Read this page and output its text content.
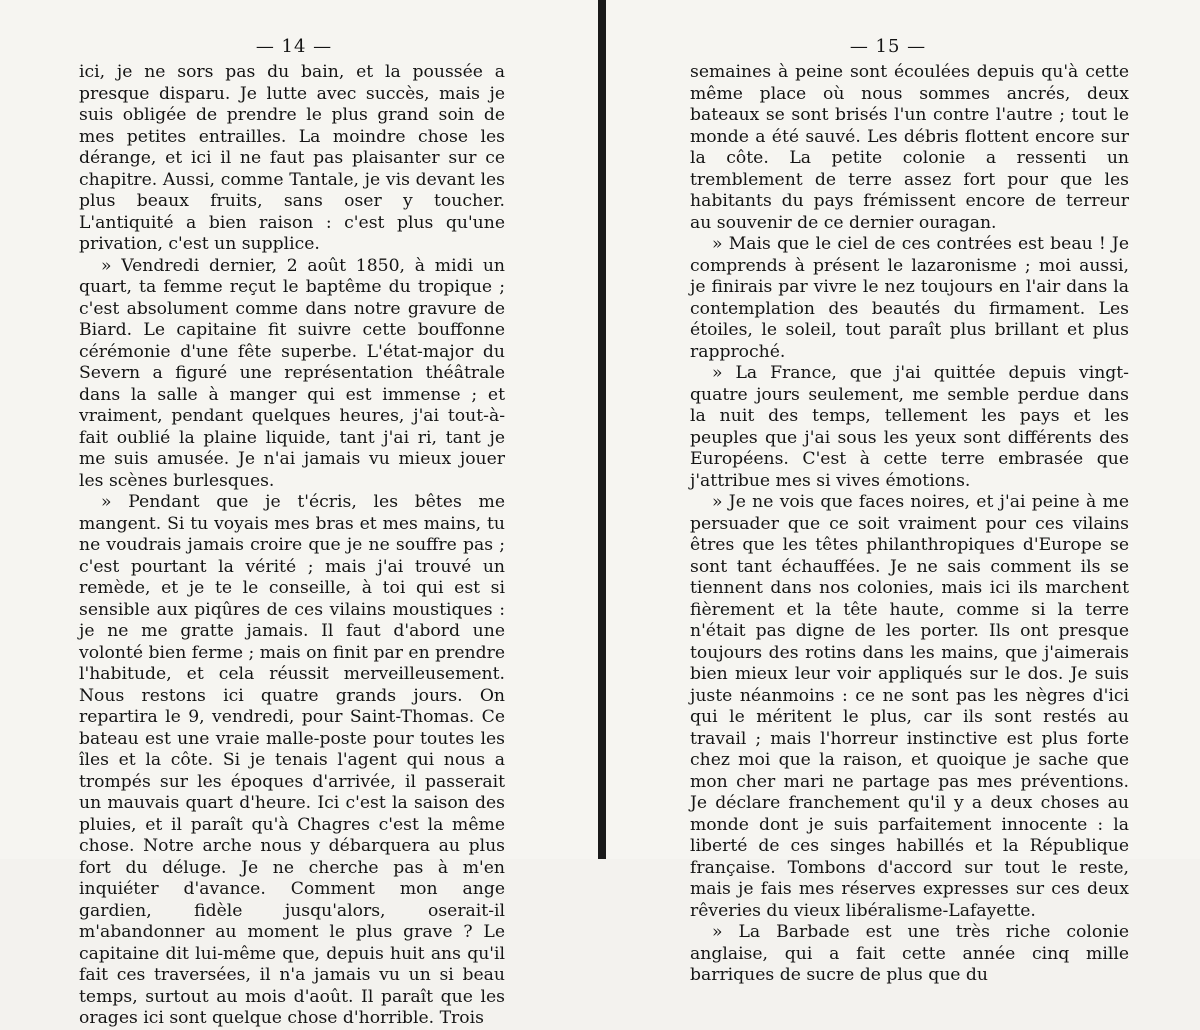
— 14 —

ici, je ne sors pas du bain, et la poussée a presque disparu. Je lutte avec succès, mais je suis obligée de prendre le plus grand soin de mes petites entrailles. La moindre chose les dérange, et ici il ne faut pas plaisanter sur ce chapitre. Aussi, comme Tantale, je vis devant les plus beaux fruits, sans oser y toucher. L'antiquité a bien raison : c'est plus qu'une privation, c'est un supplice.

» Vendredi dernier, 2 août 1850, à midi un quart, ta femme reçut le baptême du tropique ; c'est absolument comme dans notre gravure de Biard. Le capitaine fit suivre cette bouffonne cérémonie d'une fête superbe. L'état-major du Severn a figuré une représentation théâtrale dans la salle à manger qui est immense ; et vraiment, pendant quelques heures, j'ai tout-à-fait oublié la plaine liquide, tant j'ai ri, tant je me suis amusée. Je n'ai jamais vu mieux jouer les scènes burlesques.

» Pendant que je t'écris, les bêtes me mangent. Si tu voyais mes bras et mes mains, tu ne voudrais jamais croire que je ne souffre pas ; c'est pourtant la vérité ; mais j'ai trouvé un remède, et je te le conseille, à toi qui est si sensible aux piqûres de ces vilains moustiques : je ne me gratte jamais. Il faut d'abord une volonté bien ferme ; mais on finit par en prendre l'habitude, et cela réussit merveilleusement. Nous restons ici quatre grands jours. On repartira le 9, vendredi, pour Saint-Thomas. Ce bateau est une vraie malle-poste pour toutes les îles et la côte. Si je tenais l'agent qui nous a trompés sur les époques d'arrivée, il passerait un mauvais quart d'heure. Ici c'est la saison des pluies, et il paraît qu'à Chagres c'est la même chose. Notre arche nous y débarquera au plus fort du déluge. Je ne cherche pas à m'en inquiéter d'avance. Comment mon ange gardien, fidèle jusqu'alors, oserait-il m'abandonner au moment le plus grave ? Le capitaine dit lui-même que, depuis huit ans qu'il fait ces traversées, il n'a jamais vu un si beau temps, surtout au mois d'août. Il paraît que les orages ici sont quelque chose d'horrible. Trois

— 15 —

semaines à peine sont écoulées depuis qu'à cette même place où nous sommes ancrés, deux bateaux se sont brisés l'un contre l'autre ; tout le monde a été sauvé. Les débris flottent encore sur la côte. La petite colonie a ressenti un tremblement de terre assez fort pour que les habitants du pays frémissent encore de terreur au souvenir de ce dernier ouragan.

» Mais que le ciel de ces contrées est beau ! Je comprends à présent le lazaronisme ; moi aussi, je finirais par vivre le nez toujours en l'air dans la contemplation des beautés du firmament. Les étoiles, le soleil, tout paraît plus brillant et plus rapproché.

» La France, que j'ai quittée depuis vingt-quatre jours seulement, me semble perdue dans la nuit des temps, tellement les pays et les peuples que j'ai sous les yeux sont différents des Européens. C'est à cette terre embrasée que j'attribue mes si vives émotions.

» Je ne vois que faces noires, et j'ai peine à me persuader que ce soit vraiment pour ces vilains êtres que les têtes philanthropiques d'Europe se sont tant échauffées. Je ne sais comment ils se tiennent dans nos colonies, mais ici ils marchent fièrement et la tête haute, comme si la terre n'était pas digne de les porter. Ils ont presque toujours des rotins dans les mains, que j'aimerais bien mieux leur voir appliqués sur le dos. Je suis juste néanmoins : ce ne sont pas les nègres d'ici qui le méritent le plus, car ils sont restés au travail ; mais l'horreur instinctive est plus forte chez moi que la raison, et quoique je sache que mon cher mari ne partage pas mes préventions. Je déclare franchement qu'il y a deux choses au monde dont je suis parfaitement innocente : la liberté de ces singes habillés et la République française. Tombons d'accord sur tout le reste, mais je fais mes réserves expresses sur ces deux rêveries du vieux libéralisme-Lafayette.

» La Barbade est une très riche colonie anglaise, qui a fait cette année cinq mille barriques de sucre de plus que du
